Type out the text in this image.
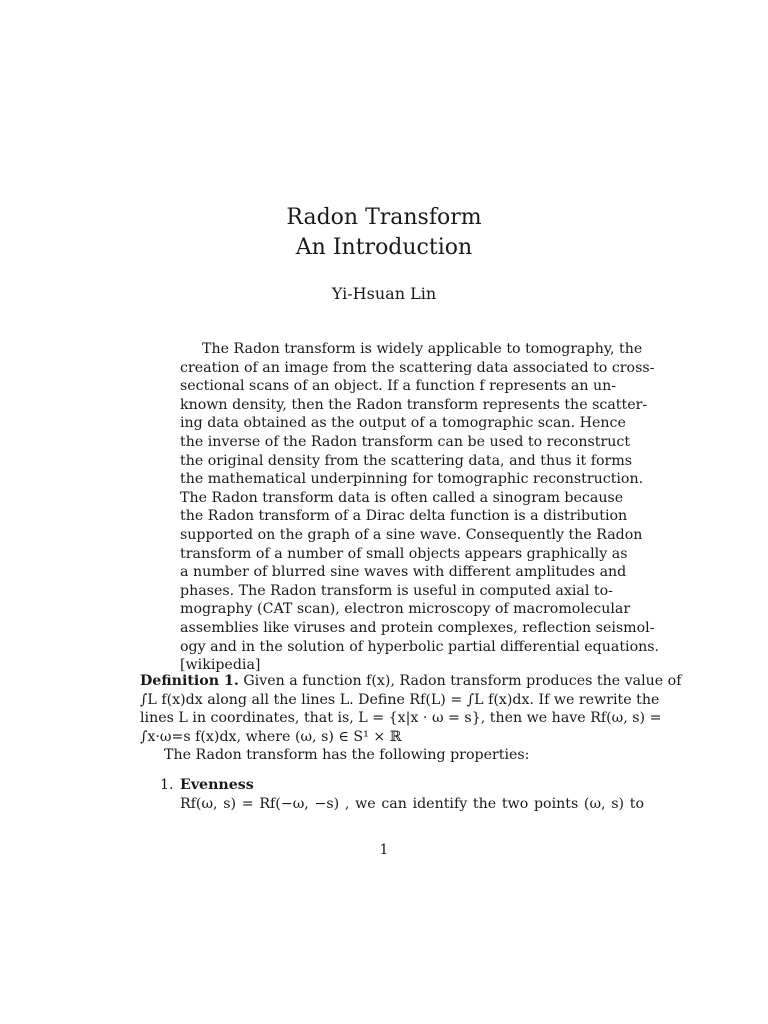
Radon Transform
An Introduction
Yi-Hsuan Lin
The Radon transform is widely applicable to tomography, the
creation of an image from the scattering data associated to cross-
sectional scans of an object. If a function f represents an un-
known density, then the Radon transform represents the scatter-
ing data obtained as the output of a tomographic scan. Hence
the inverse of the Radon transform can be used to reconstruct
the original density from the scattering data, and thus it forms
the mathematical underpinning for tomographic reconstruction.
The Radon transform data is often called a sinogram because
the Radon transform of a Dirac delta function is a distribution
supported on the graph of a sine wave. Consequently the Radon
transform of a number of small objects appears graphically as
a number of blurred sine waves with different amplitudes and
phases. The Radon transform is useful in computed axial to-
mography (CAT scan), electron microscopy of macromolecular
assemblies like viruses and protein complexes, reflection seismol-
ogy and in the solution of hyperbolic partial differential equations.
[wikipedia]
Definition 1. Given a function f(x), Radon transform produces the value of
∫L f(x)dx along all the lines L. Define Rf(L) = ∫L f(x)dx. If we rewrite the
lines L in coordinates, that is, L = {x|x · ω = s}, then we have Rf(ω, s) =
∫x·ω=s f(x)dx, where (ω, s) ∈ S¹ × ℝ
The Radon transform has the following properties:
1. Evenness
Rf(ω, s) = Rf(−ω, −s) , we can identify the two points (ω, s) to
1
